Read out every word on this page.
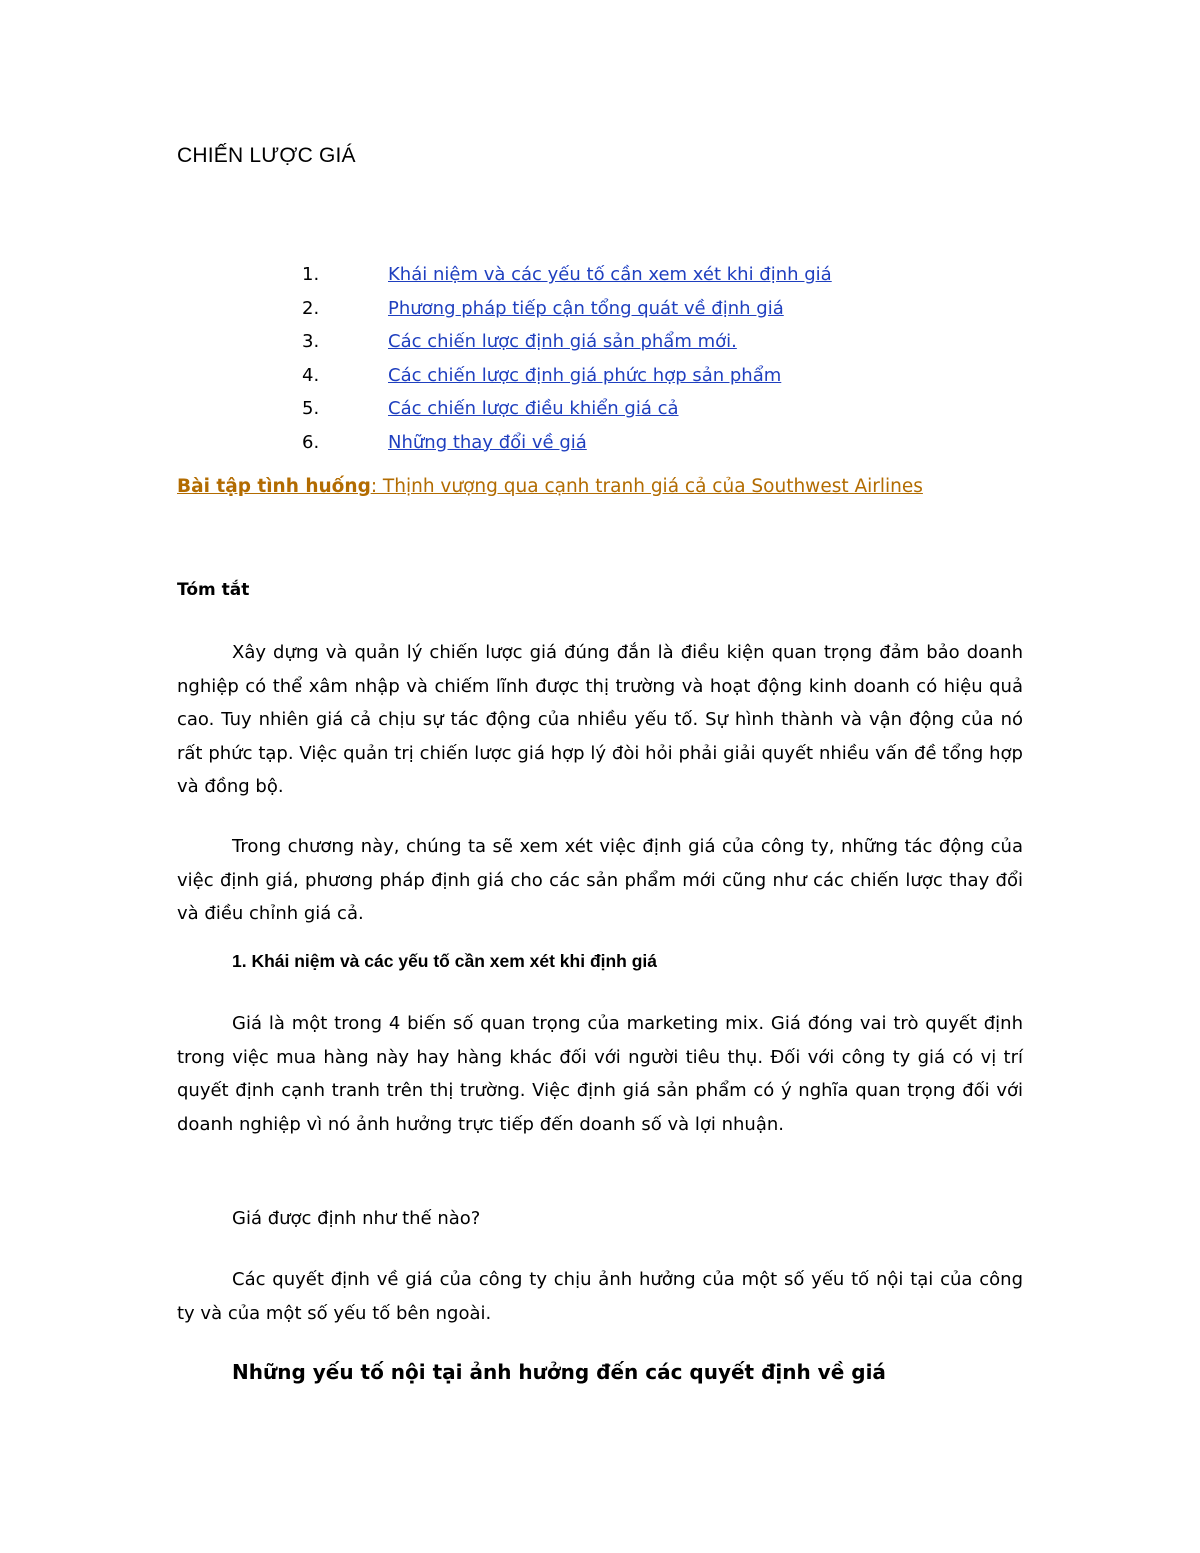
CHIẾN LƯỢC GIÁ
1.	Khái niệm và các yếu tố cần xem xét khi định giá
2.	Phương pháp tiếp cận tổng quát về định giá
3.	Các chiến lược định giá sản phẩm mới.
4.	Các chiến lược định giá phức hợp sản phẩm
5.	Các chiến lược điều khiển giá cả
6.	Những thay đổi về giá

Bài tập tình huống: Thịnh vượng qua cạnh tranh giá cả của Southwest Airlines

Tóm tắt

Xây dựng và quản lý chiến lược giá đúng đắn là điều kiện quan trọng đảm bảo doanh nghiệp có thể xâm nhập và chiếm lĩnh được thị trường và hoạt động kinh doanh có hiệu quả cao. Tuy nhiên giá cả chịu sự tác động của nhiều yếu tố. Sự hình thành và vận động của nó rất phức tạp. Việc quản trị chiến lược giá hợp lý đòi hỏi phải giải quyết nhiều vấn đề tổng hợp và đồng bộ.

Trong chương này, chúng ta sẽ xem xét việc định giá của công ty, những tác động của việc định giá, phương pháp định giá cho các sản phẩm mới cũng như các chiến lược thay đổi và điều chỉnh giá cả.

1. Khái niệm và các yếu tố cần xem xét khi định giá

Giá là một trong 4 biến số quan trọng của marketing mix. Giá đóng vai trò quyết định trong việc mua hàng này hay hàng khác đối với người tiêu thụ. Đối với công ty giá có vị trí quyết định cạnh tranh trên thị trường. Việc định giá sản phẩm có ý nghĩa quan trọng đối với doanh nghiệp vì nó ảnh hưởng trực tiếp đến doanh số và lợi nhuận.

Giá được định như thế nào?

Các quyết định về giá của công ty chịu ảnh hưởng của một số yếu tố nội tại của công ty và của một số yếu tố bên ngoài.

Những yếu tố nội tại ảnh hưởng đến các quyết định về giá
